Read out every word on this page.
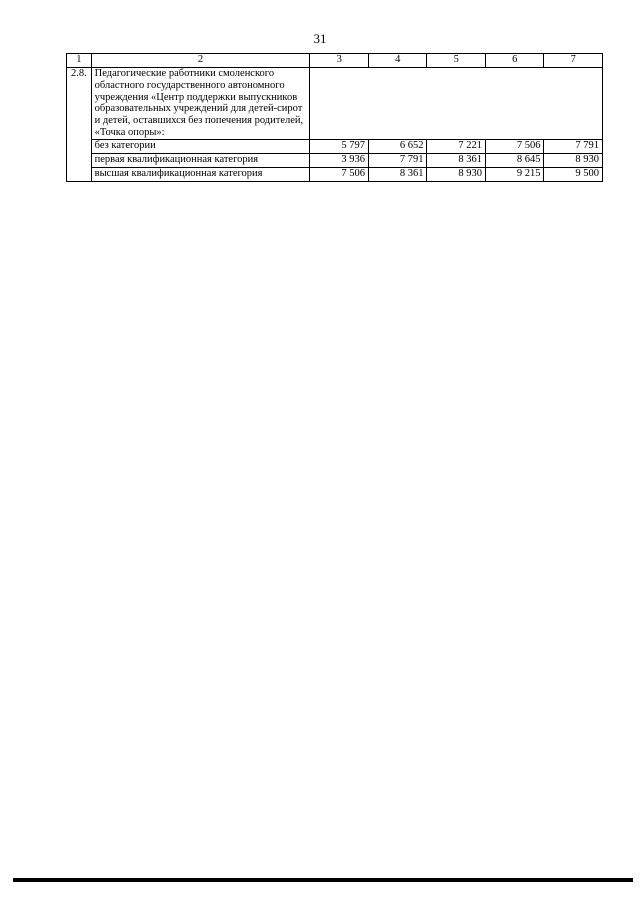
31
1	2	3	4	5	6	7
2.8.	Педагогические работники смоленского областного государственного автономного учреждения «Центр поддержки выпускников образовательных учреждений для детей-сирот и детей, оставшихся без попечения родителей, «Точка опоры»:					
	без категории	5 797	6 652	7 221	7 506	7 791
	первая квалификационная категория	3 936	7 791	8 361	8 645	8 930
	высшая квалификационная категория	7 506	8 361	8 930	9 215	9 500
